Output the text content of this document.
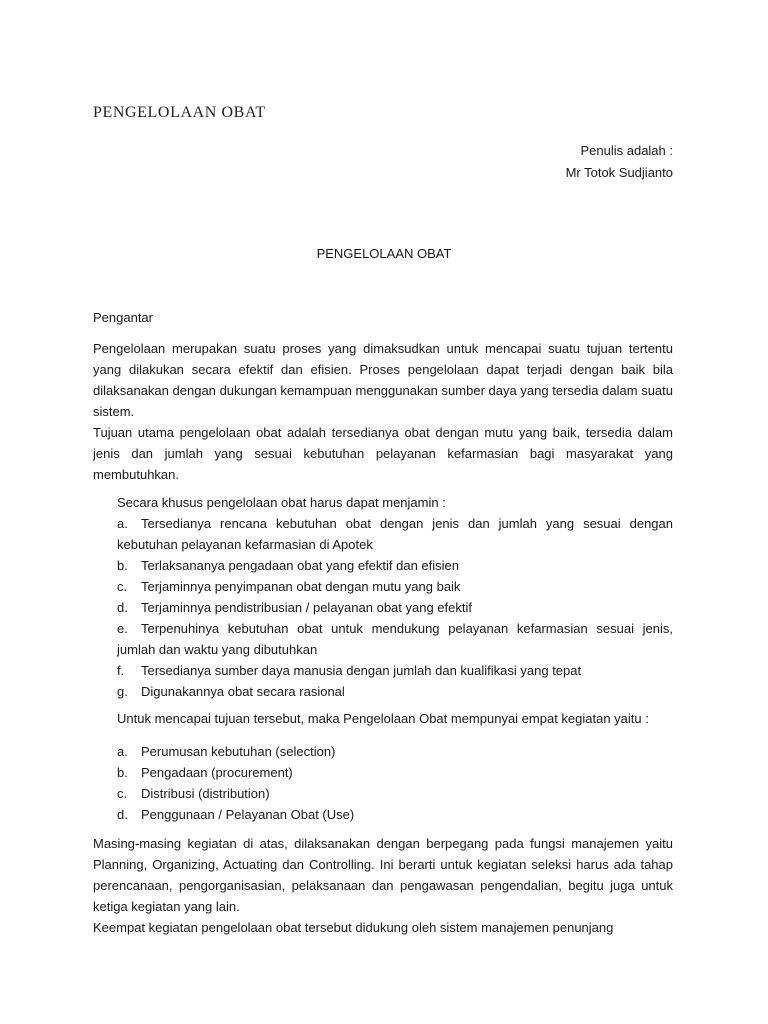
PENGELOLAAN OBAT
Penulis adalah :
Mr Totok Sudjianto
PENGELOLAAN OBAT

Pengantar

Pengelolaan merupakan suatu proses yang dimaksudkan untuk mencapai suatu tujuan tertentu yang dilakukan secara efektif dan efisien. Proses pengelolaan dapat terjadi dengan baik bila dilaksanakan dengan dukungan kemampuan menggunakan sumber daya yang tersedia dalam suatu sistem.

Tujuan utama pengelolaan obat adalah tersedianya obat dengan mutu yang baik, tersedia dalam jenis dan jumlah yang sesuai kebutuhan pelayanan kefarmasian bagi masyarakat yang membutuhkan.

Secara khusus pengelolaan obat harus dapat menjamin :

a. Tersedianya rencana kebutuhan obat dengan jenis dan jumlah yang sesuai dengan kebutuhan pelayanan kefarmasian di Apotek
b. Terlaksananya pengadaan obat yang efektif dan efisien
c. Terjaminnya penyimpanan obat dengan mutu yang baik
d. Terjaminnya pendistribusian / pelayanan obat yang efektif
e. Terpenuhinya kebutuhan obat untuk mendukung pelayanan kefarmasian sesuai jenis, jumlah dan waktu yang dibutuhkan
f. Tersedianya sumber daya manusia dengan jumlah dan kualifikasi yang tepat
g. Digunakannya obat secara rasional

Untuk mencapai tujuan tersebut, maka Pengelolaan Obat mempunyai empat kegiatan yaitu :

a. Perumusan kebutuhan (selection)
b. Pengadaan (procurement)
c. Distribusi (distribution)
d. Penggunaan / Pelayanan Obat (Use)

Masing-masing kegiatan di atas, dilaksanakan dengan berpegang pada fungsi manajemen yaitu Planning, Organizing, Actuating dan Controlling. Ini berarti untuk kegiatan seleksi harus ada tahap perencanaan, pengorganisasian, pelaksanaan dan pengawasan pengendalian, begitu juga untuk ketiga kegiatan yang lain.

Keempat kegiatan pengelolaan obat tersebut didukung oleh sistem manajemen penunjang
